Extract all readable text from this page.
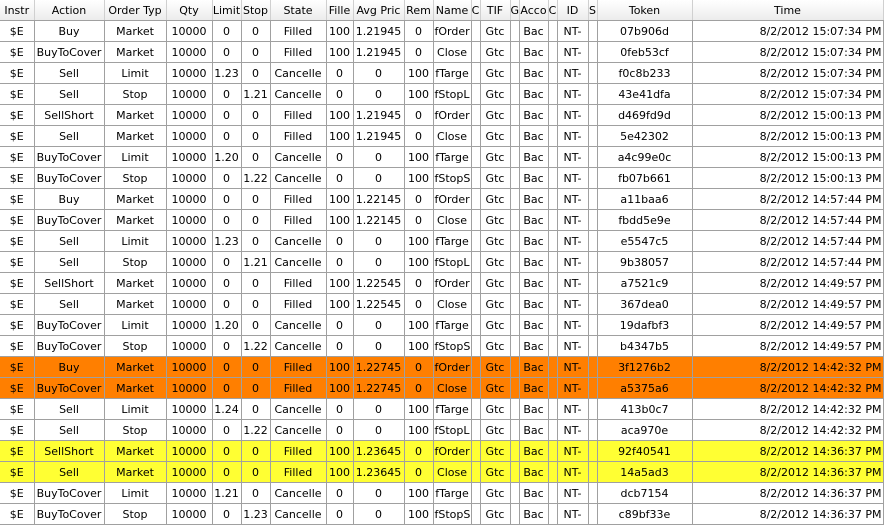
Instr	Action	Order Typ	Qty	Limit	Stop	State	Fille	Avg Pric	Rem	Name	C	TIF	G	Acco	C	ID	S	Token	Time
$E	Buy	Market	10000	0	0	Filled	100	1.21945	0	fOrder		Gtc		Bac		NT-		07b906d	8/2/2012 15:07:34 PM
$E	BuyToCover	Market	10000	0	0	Filled	100	1.21945	0	Close		Gtc		Bac		NT-		0feb53cf	8/2/2012 15:07:34 PM
$E	Sell	Limit	10000	1.23	0	Cancelle	0	0	100	fTarge		Gtc		Bac		NT-		f0c8b233	8/2/2012 15:07:34 PM
$E	Sell	Stop	10000	0	1.21	Cancelle	0	0	100	fStopL		Gtc		Bac		NT-		43e41dfa	8/2/2012 15:07:34 PM
$E	SellShort	Market	10000	0	0	Filled	100	1.21945	0	fOrder		Gtc		Bac		NT-		d469fd9d	8/2/2012 15:00:13 PM
$E	Sell	Market	10000	0	0	Filled	100	1.21945	0	Close		Gtc		Bac		NT-		5e42302	8/2/2012 15:00:13 PM
$E	BuyToCover	Limit	10000	1.20	0	Cancelle	0	0	100	fTarge		Gtc		Bac		NT-		a4c99e0c	8/2/2012 15:00:13 PM
$E	BuyToCover	Stop	10000	0	1.22	Cancelle	0	0	100	fStopS		Gtc		Bac		NT-		fb07b661	8/2/2012 15:00:13 PM
$E	Buy	Market	10000	0	0	Filled	100	1.22145	0	fOrder		Gtc		Bac		NT-		a11baa6	8/2/2012 14:57:44 PM
$E	BuyToCover	Market	10000	0	0	Filled	100	1.22145	0	Close		Gtc		Bac		NT-		fbdd5e9e	8/2/2012 14:57:44 PM
$E	Sell	Limit	10000	1.23	0	Cancelle	0	0	100	fTarge		Gtc		Bac		NT-		e5547c5	8/2/2012 14:57:44 PM
$E	Sell	Stop	10000	0	1.21	Cancelle	0	0	100	fStopL		Gtc		Bac		NT-		9b38057	8/2/2012 14:57:44 PM
$E	SellShort	Market	10000	0	0	Filled	100	1.22545	0	fOrder		Gtc		Bac		NT-		a7521c9	8/2/2012 14:49:57 PM
$E	Sell	Market	10000	0	0	Filled	100	1.22545	0	Close		Gtc		Bac		NT-		367dea0	8/2/2012 14:49:57 PM
$E	BuyToCover	Limit	10000	1.20	0	Cancelle	0	0	100	fTarge		Gtc		Bac		NT-		19dafbf3	8/2/2012 14:49:57 PM
$E	BuyToCover	Stop	10000	0	1.22	Cancelle	0	0	100	fStopS		Gtc		Bac		NT-		b4347b5	8/2/2012 14:49:57 PM
$E	Buy	Market	10000	0	0	Filled	100	1.22745	0	fOrder		Gtc		Bac		NT-		3f1276b2	8/2/2012 14:42:32 PM
$E	BuyToCover	Market	10000	0	0	Filled	100	1.22745	0	Close		Gtc		Bac		NT-		a5375a6	8/2/2012 14:42:32 PM
$E	Sell	Limit	10000	1.24	0	Cancelle	0	0	100	fTarge		Gtc		Bac		NT-		413b0c7	8/2/2012 14:42:32 PM
$E	Sell	Stop	10000	0	1.22	Cancelle	0	0	100	fStopL		Gtc		Bac		NT-		aca970e	8/2/2012 14:42:32 PM
$E	SellShort	Market	10000	0	0	Filled	100	1.23645	0	fOrder		Gtc		Bac		NT-		92f40541	8/2/2012 14:36:37 PM
$E	Sell	Market	10000	0	0	Filled	100	1.23645	0	Close		Gtc		Bac		NT-		14a5ad3	8/2/2012 14:36:37 PM
$E	BuyToCover	Limit	10000	1.21	0	Cancelle	0	0	100	fTarge		Gtc		Bac		NT-		dcb7154	8/2/2012 14:36:37 PM
$E	BuyToCover	Stop	10000	0	1.23	Cancelle	0	0	100	fStopS		Gtc		Bac		NT-		c89bf33e	8/2/2012 14:36:37 PM
